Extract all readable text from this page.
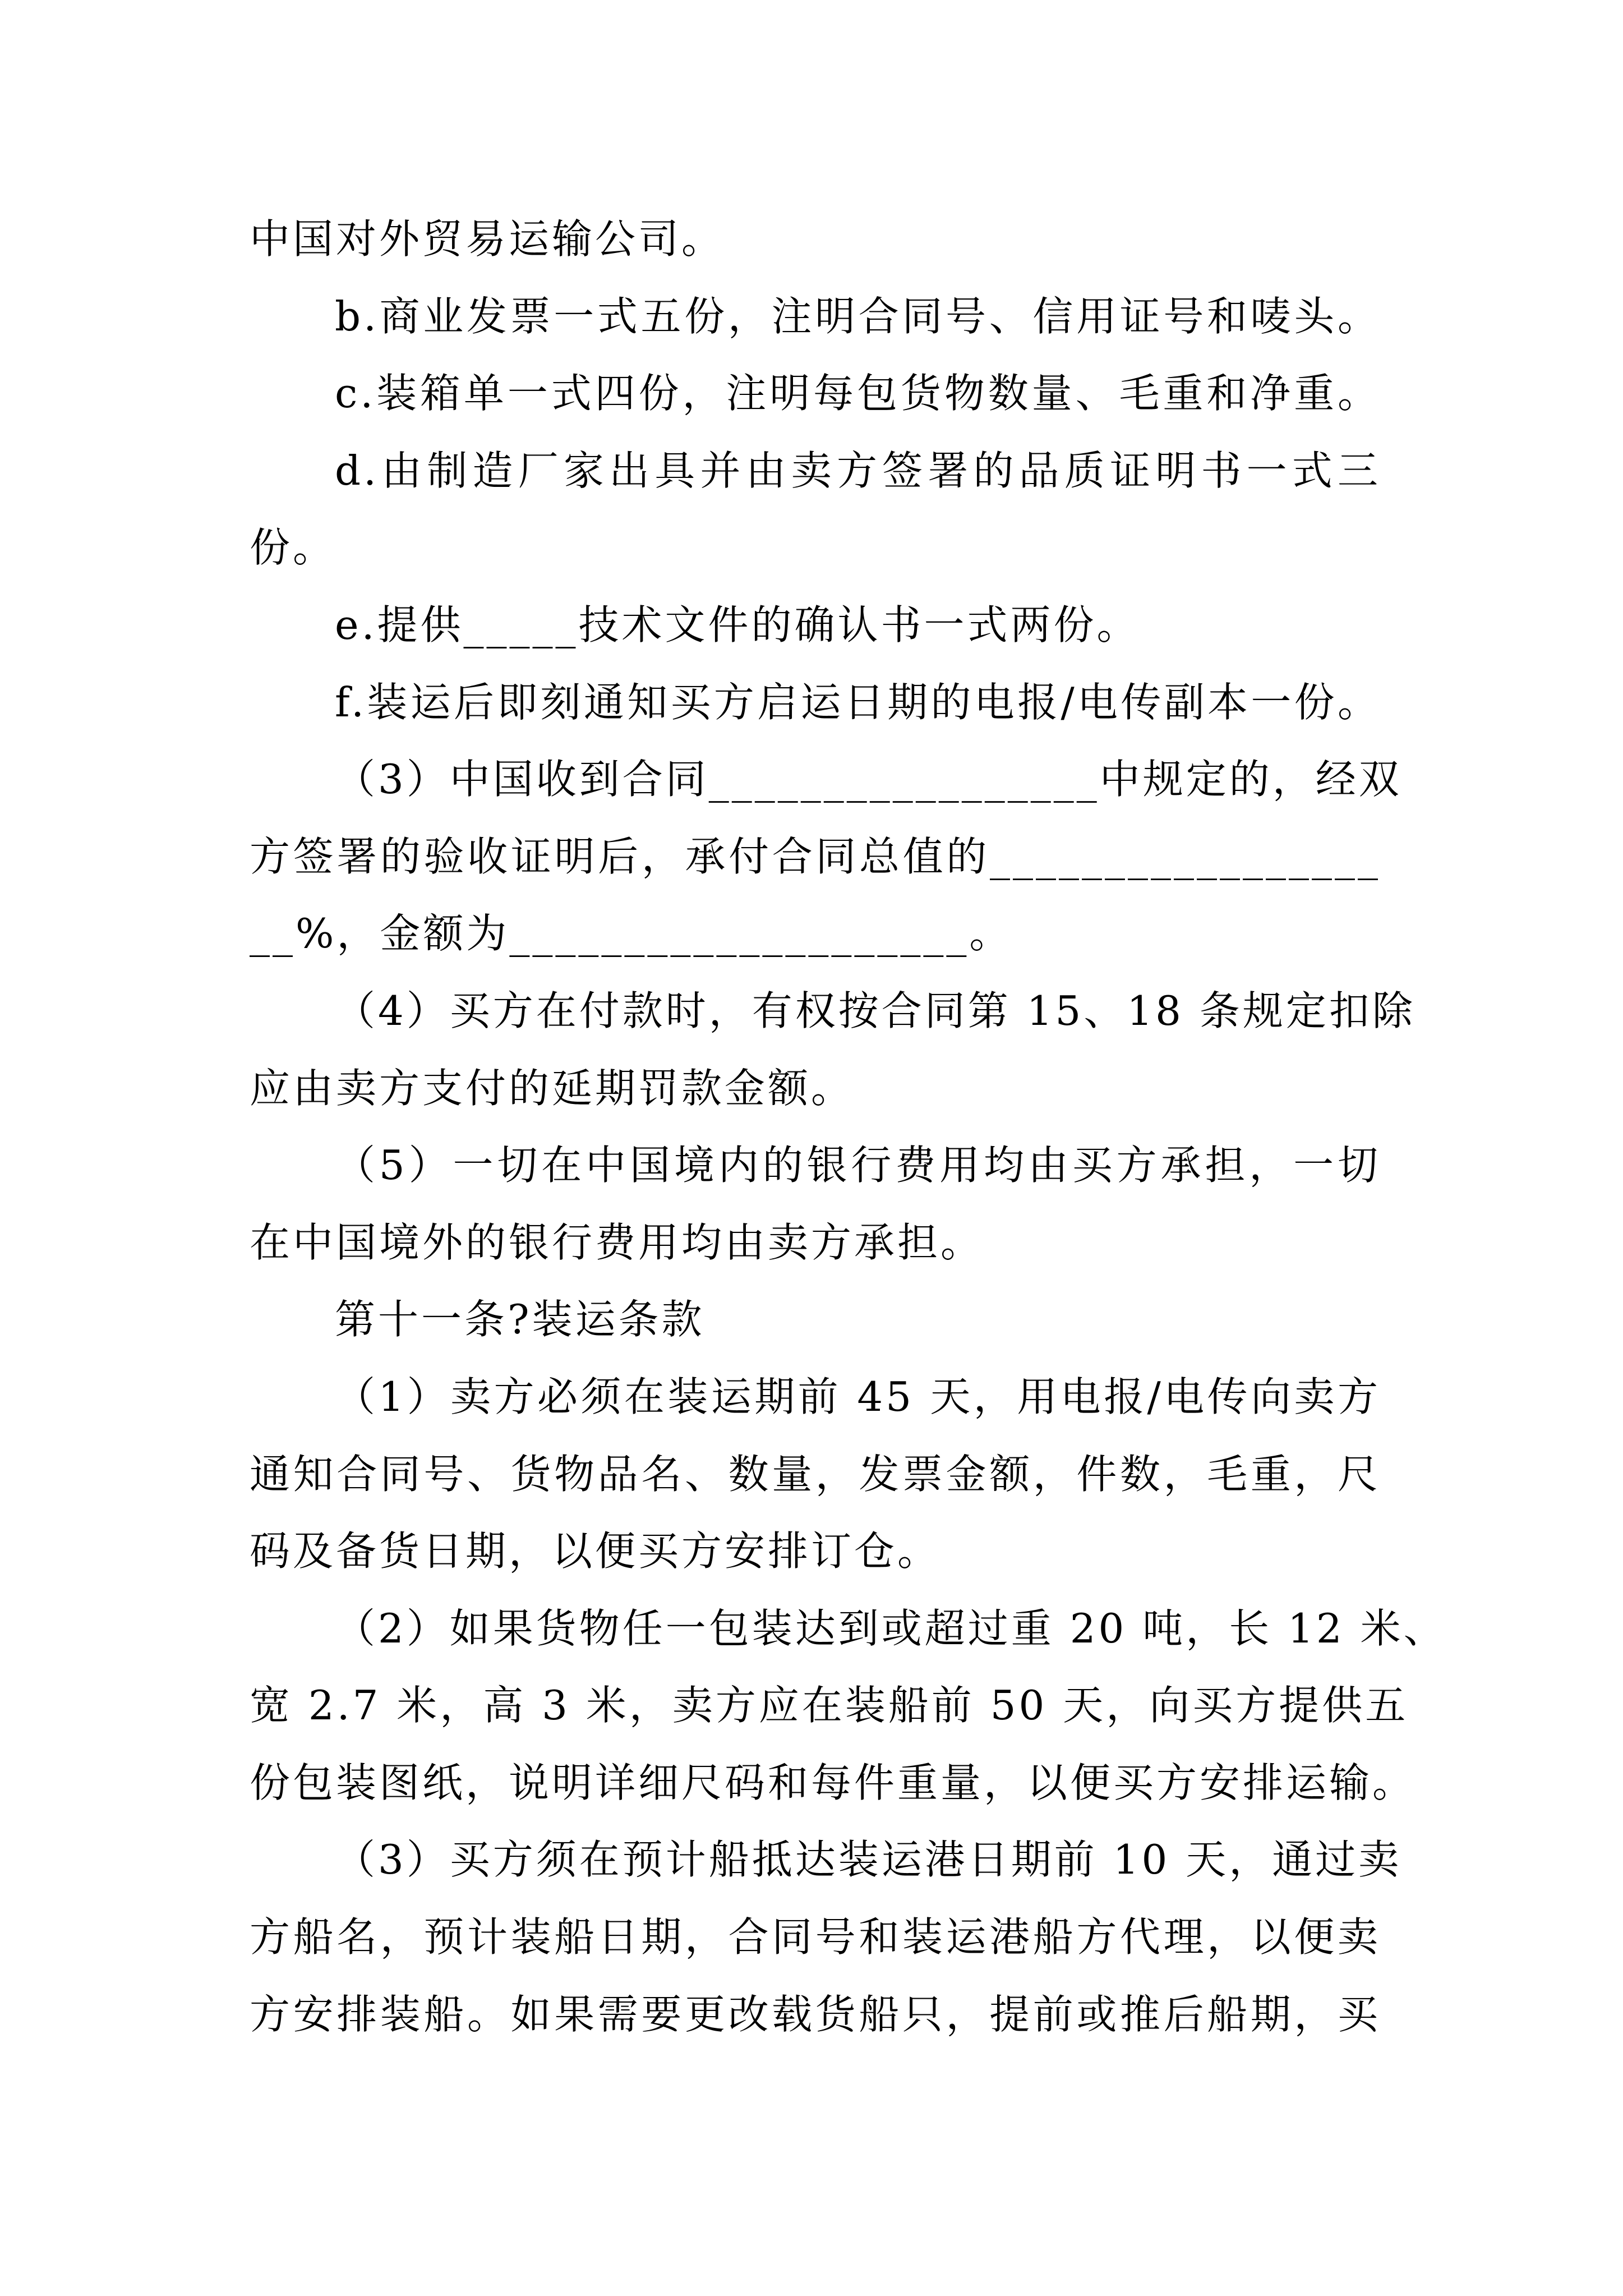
中国对外贸易运输公司。
b.商业发票一式五份，注明合同号、信用证号和唛头。
c.装箱单一式四份，注明每包货物数量、毛重和净重。
d.由制造厂家出具并由卖方签署的品质证明书一式三
份。
e.提供_____技术文件的确认书一式两份。
f.装运后即刻通知买方启运日期的电报/电传副本一份。
（3）中国收到合同_________________中规定的，经双
方签署的验收证明后，承付合同总值的_________________
__%，金额为____________________。
（4）买方在付款时，有权按合同第 15、18 条规定扣除
应由卖方支付的延期罚款金额。
（5）一切在中国境内的银行费用均由买方承担，一切
在中国境外的银行费用均由卖方承担。
第十一条?装运条款
（1）卖方必须在装运期前 45 天，用电报/电传向卖方
通知合同号、货物品名、数量，发票金额，件数，毛重，尺
码及备货日期，以便买方安排订仓。
（2）如果货物任一包装达到或超过重 20 吨，长 12 米、
宽 2.7 米，高 3 米，卖方应在装船前 50 天，向买方提供五
份包装图纸，说明详细尺码和每件重量，以便买方安排运输。
（3）买方须在预计船抵达装运港日期前 10 天，通过卖
方船名，预计装船日期，合同号和装运港船方代理，以便卖
方安排装船。如果需要更改载货船只，提前或推后船期，买
